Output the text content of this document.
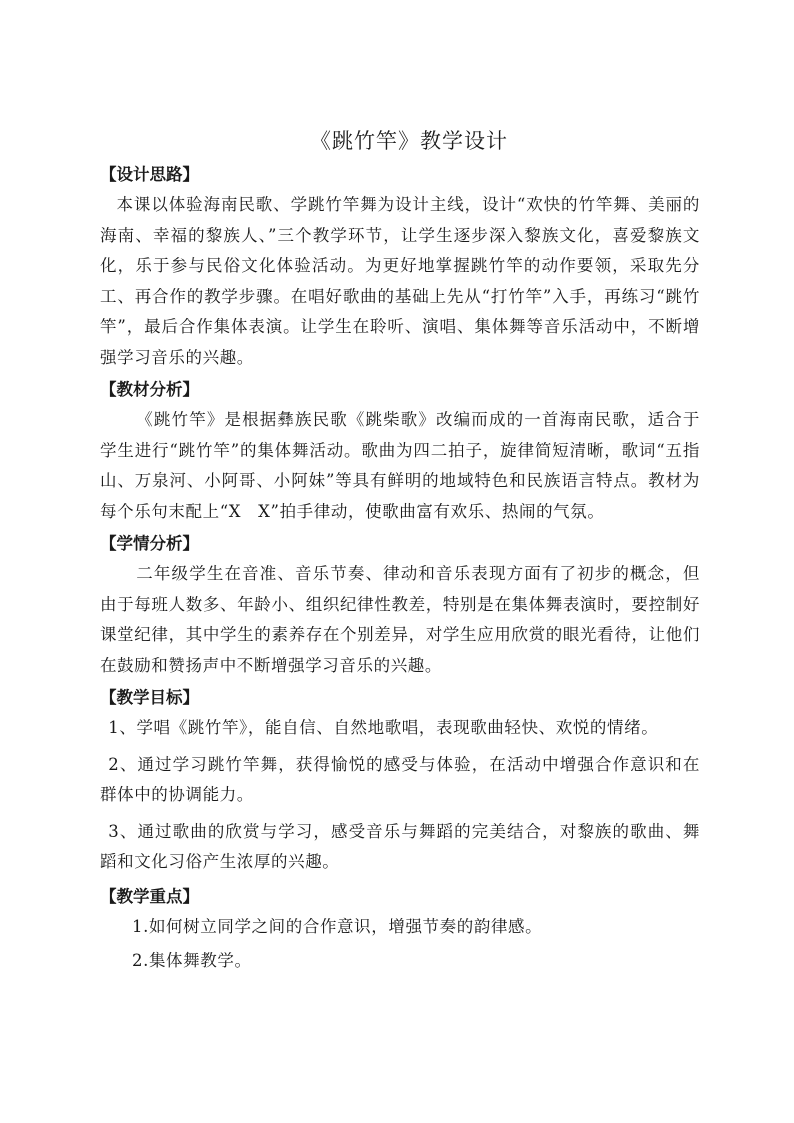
《跳竹竿》教学设计
【设计思路】

本课以体验海南民歌、学跳竹竿舞为设计主线，设计“欢快的竹竿舞、美丽的海南、幸福的黎族人、”三个教学环节，让学生逐步深入黎族文化，喜爱黎族文化，乐于参与民俗文化体验活动。为更好地掌握跳竹竿的动作要领，采取先分工、再合作的教学步骤。在唱好歌曲的基础上先从“打竹竿”入手，再练习“跳竹竿”，最后合作集体表演。让学生在聆听、演唱、集体舞等音乐活动中，不断增强学习音乐的兴趣。

【教材分析】

《跳竹竿》是根据彝族民歌《跳柴歌》改编而成的一首海南民歌，适合于学生进行“跳竹竿”的集体舞活动。歌曲为四二拍子，旋律简短清晰，歌词“五指山、万泉河、小阿哥、小阿妹”等具有鲜明的地域特色和民族语言特点。教材为每个乐句末配上“X　X”拍手律动，使歌曲富有欢乐、热闹的气氛。

【学情分析】

二年级学生在音准、音乐节奏、律动和音乐表现方面有了初步的概念，但由于每班人数多、年龄小、组织纪律性教差，特别是在集体舞表演时，要控制好课堂纪律，其中学生的素养存在个别差异，对学生应用欣赏的眼光看待，让他们在鼓励和赞扬声中不断增强学习音乐的兴趣。

【教学目标】

1、学唱《跳竹竿》，能自信、自然地歌唱，表现歌曲轻快、欢悦的情绪。

2、通过学习跳竹竿舞，获得愉悦的感受与体验，在活动中增强合作意识和在群体中的协调能力。

3、通过歌曲的欣赏与学习，感受音乐与舞蹈的完美结合，对黎族的歌曲、舞蹈和文化习俗产生浓厚的兴趣。

【教学重点】

1.如何树立同学之间的合作意识，增强节奏的韵律感。

2.集体舞教学。
